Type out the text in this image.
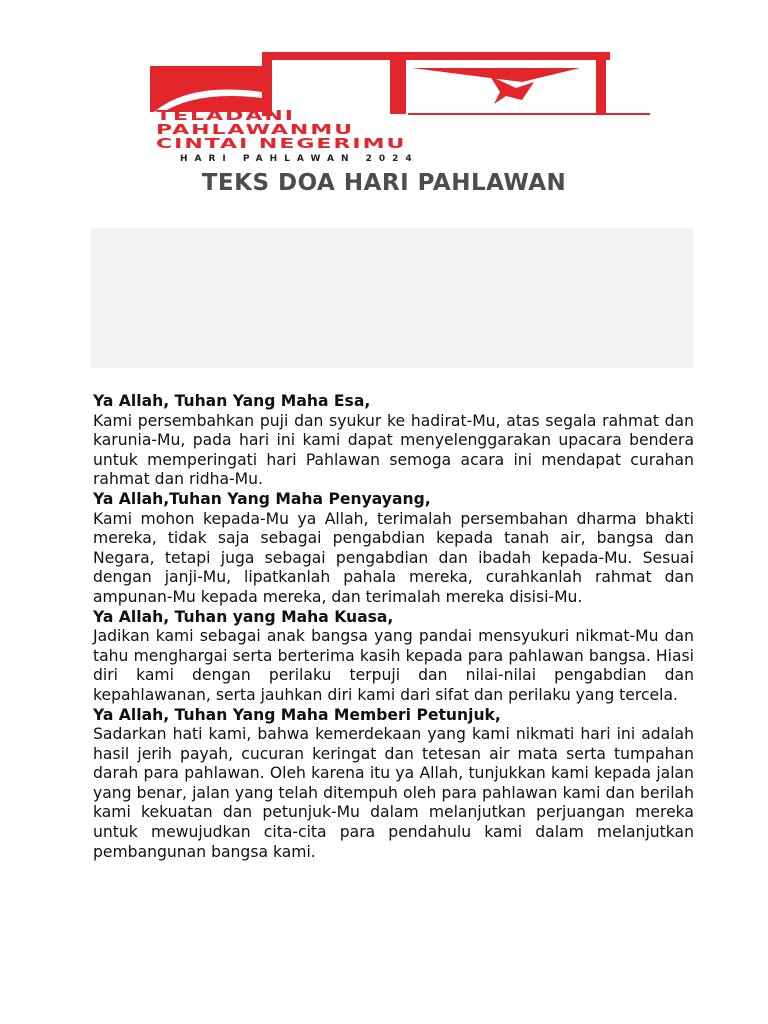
TELADANI
PAHLAWANMU
CINTAI NEGERIMU
HARI PAHLAWAN 2024
TEKS DOA HARI PAHLAWAN

Ya Allah, Tuhan Yang Maha Esa,

Kami persembahkan puji dan syukur ke hadirat-Mu, atas segala rahmat dan karunia-Mu, pada hari ini kami dapat menyelenggarakan upacara bendera untuk memperingati hari Pahlawan semoga acara ini mendapat curahan rahmat dan ridha-Mu.

Ya Allah,Tuhan Yang Maha Penyayang,

Kami mohon kepada-Mu ya Allah, terimalah persembahan dharma bhakti mereka, tidak saja sebagai pengabdian kepada tanah air, bangsa dan Negara, tetapi juga sebagai pengabdian dan ibadah kepada-Mu. Sesuai dengan janji-Mu, lipatkanlah pahala mereka, curahkanlah rahmat dan ampunan-Mu kepada mereka, dan terimalah mereka disisi-Mu.

Ya Allah, Tuhan yang Maha Kuasa,

Jadikan kami sebagai anak bangsa yang pandai mensyukuri nikmat-Mu dan tahu menghargai serta berterima kasih kepada para pahlawan bangsa. Hiasi diri kami dengan perilaku terpuji dan nilai-nilai pengabdian dan kepahlawanan, serta jauhkan diri kami dari sifat dan perilaku yang tercela.

Ya Allah, Tuhan Yang Maha Memberi Petunjuk,

Sadarkan hati kami, bahwa kemerdekaan yang kami nikmati hari ini adalah hasil jerih payah, cucuran keringat dan tetesan air mata serta tumpahan darah para pahlawan. Oleh karena itu ya Allah, tunjukkan kami kepada jalan yang benar, jalan yang telah ditempuh oleh para pahlawan kami dan berilah kami kekuatan dan petunjuk-Mu dalam melanjutkan perjuangan mereka untuk mewujudkan cita-cita para pendahulu kami dalam melanjutkan pembangunan bangsa kami.
